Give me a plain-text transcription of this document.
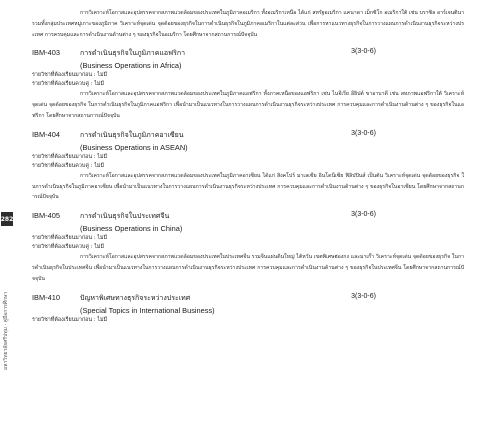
282
มหาวิทยาลัยศรีปทุม · คู่มือการศึกษา

การวิเคราะห์โอกาสและอุปสรรคจากสภาพแวดล้อมของประเทศในภูมิภาคอเมริกา ทั้งอเมริกาเหนือ ได้แก่ สหรัฐอเมริกา แคนาดา เม็กซิโก อเมริกาใต้ เช่น บราซิล อาร์เจนตินา รวมทั้งกลุ่มประเทศหมู่เกาะของภูมิภาค วิเคราะห์จุดเด่น จุดด้อยของธุรกิจในการดำเนินธุรกิจในภูมิภาคอเมริกาในแต่ละส่วน เพื่อการหาแนวทางธุรกิจในการวางแผนการดำเนินงานธุรกิจระหว่างประเทศ การครบคุมและการดำเนินงานด้านต่าง ๆ ของธุรกิจในอเมริกา โดยศึกษาจากสถานการณ์ปัจจุบัน

IBM-403	การดำเนินธุรกิจในภูมิภาคแอฟริกา	3(3-0-6)
(Business Operations in Africa)
รายวิชาที่ต้องเรียนมาก่อน : ไม่มี
รายวิชาที่ต้องเรียนควบคู่ : ไม่มี

การวิเคราะห์โอกาสและอุปสรรคจากสภาพแวดล้อมของประเทศในภูมิภาคแอฟริกา ทั้งภาคเหนือของแอฟริกา เช่น ไนจีเรีย อียิปต์ ขาอาบาดี เช่น สหภาพแอฟริกาใต้ วิเคราะห์จุดเด่น จุดด้อยของธุรกิจ ในการดำเนินธุรกิจในภูมิภาคแอฟริกา เพื่อนำมาเป็นแนวทางในการวางแผนการดำเนินงานธุรกิจระหว่างประเทศ การควบคุมและการดำเนินงานด้านต่าง ๆ ของธุรกิจในแอฟริกา โดยศึกษาจากสถานการณ์ปัจจุบัน

IBM-404	การดำเนินธุรกิจในภูมิภาคอาเซียน	3(3-0-6)
(Business Operations in ASEAN)
รายวิชาที่ต้องเรียนมาก่อน : ไม่มี
รายวิชาที่ต้องเรียนควบคู่ : ไม่มี

การวิเคราะห์โอกาสและอุปสรรคจากสภาพแวดล้อมของประเทศในภูมิภาคอาเซียน ได้แก่ สิงคโปร์ มาเลเซีย อินโดนีเซีย ฟิลิปปินส์ เป็นต้น วิเคราะห์จุดเด่น จุดด้อยของธุรกิจ ในการดำเนินธุรกิจในภูมิภาคอาเซียน เพื่อนำมาเป็นแนวทางในการวางแผนการดำเนินงานธุรกิจระหว่างประเทศ การควบคุมและการดำเนินงานด้านต่าง ๆ ของธุรกิจในอาเซียน โดยศึกษาจากสถานการณ์ปัจจุบัน

IBM-405	การดำเนินธุรกิจในประเทศจีน	3(3-0-6)
(Business Operations in China)
รายวิชาที่ต้องเรียนมาก่อน : ไม่มี
รายวิชาที่ต้องเรียนควบคู่ : ไม่มี

การวิเคราะห์โอกาสและอุปสรรคจากสภาพแวดล้อมของประเทศในประเทศจีน รวมจีนแผ่นดินใหญ่ ไต้หวัน เขตพิเศษฮ่องกง และมาเก๊า วิเคราะห์จุดเด่น จุดด้อยของธุรกิจ ในการดำเนินธุรกิจในประเทศจีน เพื่อนำมาเป็นแนวทางในการวางแผนการดำเนินงานธุรกิจระหว่างประเทศ การควบคุมและการดำเนินงานด้านต่าง ๆ ของธุรกิจในประเทศจีน โดยศึกษาจากสถานการณ์ปัจจุบัน

IBM-410	ปัญหาพิเศษทางธุรกิจระหว่างประเทศ	3(3-0-6)
(Special Topics in International Business)
รายวิชาที่ต้องเรียนมาก่อน : ไม่มี
